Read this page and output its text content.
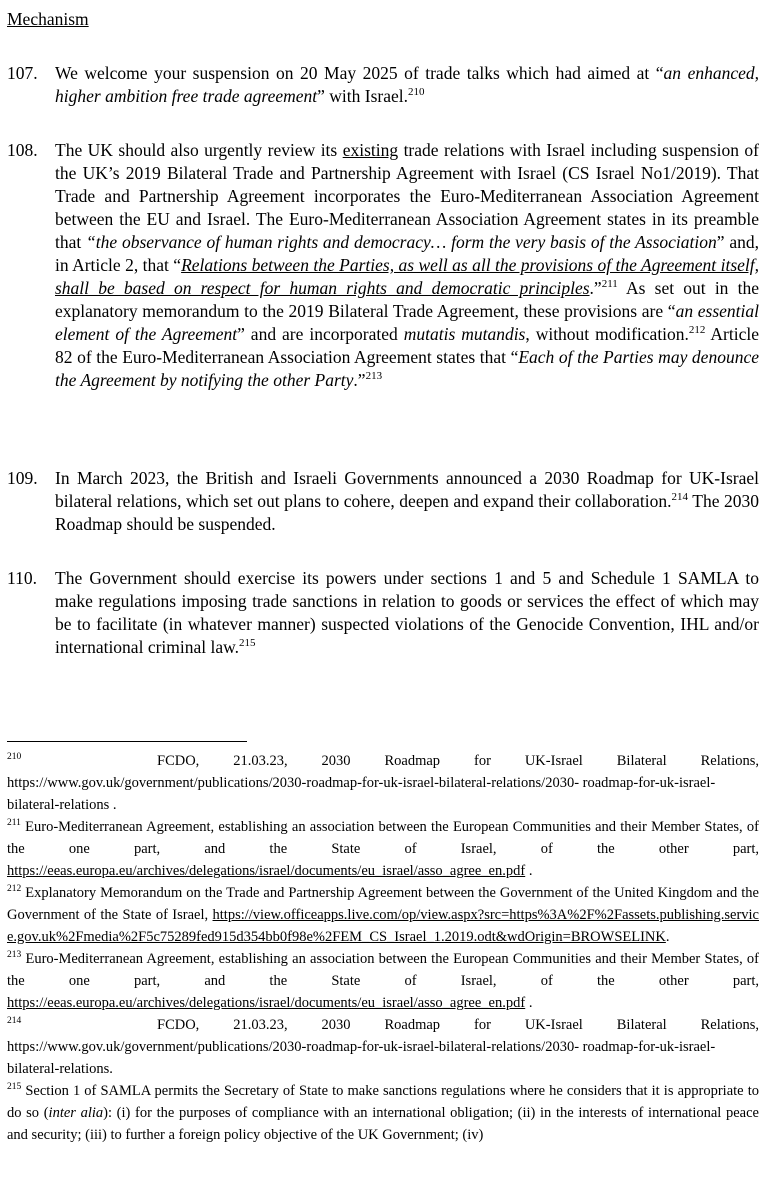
Mechanism
107. We welcome your suspension on 20 May 2025 of trade talks which had aimed at “an enhanced, higher ambition free trade agreement” with Israel.$^{210}$
108. The UK should also urgently review its existing trade relations with Israel including suspension of the UK’s 2019 Bilateral Trade and Partnership Agreement with Israel (CS Israel No1/2019). That Trade and Partnership Agreement incorporates the Euro-Mediterranean Association Agreement between the EU and Israel. The Euro-Mediterranean Association Agreement states in its preamble that “the observance of human rights and democracy… form the very basis of the Association” and, in Article 2, that “Relations between the Parties, as well as all the provisions of the Agreement itself, shall be based on respect for human rights and democratic principles.”$^{211}$ As set out in the explanatory memorandum to the 2019 Bilateral Trade Agreement, these provisions are “an essential element of the Agreement” and are incorporated mutatis mutandis, without modification.$^{212}$ Article 82 of the Euro-Mediterranean Association Agreement states that “Each of the Parties may denounce the Agreement by notifying the other Party.”$^{213}$
109. In March 2023, the British and Israeli Governments announced a 2030 Roadmap for UK-Israel bilateral relations, which set out plans to cohere, deepen and expand their collaboration.$^{214}$ The 2030 Roadmap should be suspended.
110. The Government should exercise its powers under sections 1 and 5 and Schedule 1 SAMLA to make regulations imposing trade sanctions in relation to goods or services the effect of which may be to facilitate (in whatever manner) suspected violations of the Genocide Convention, IHL and/or international criminal law.$^{215}$
$^{210}$	FCDO, 21.03.23, 2030 Roadmap for UK-Israel Bilateral Relations,
https://www.gov.uk/government/publications/2030-roadmap-for-uk-israel-bilateral-relations/2030- roadmap-for-uk-israel-bilateral-relations .
$^{211}$ Euro-Mediterranean Agreement, establishing an association between the European Communities and their Member States, of the one part, and the State of Israel, of the other part, https://eeas.europa.eu/archives/delegations/israel/documents/eu_israel/asso_agree_en.pdf .
$^{212}$ Explanatory Memorandum on the Trade and Partnership Agreement between the Government of the United Kingdom and the Government of the State of Israel, https://view.officeapps.live.com/op/view.aspx?src=https%3A%2F%2Fassets.publishing.service.gov.uk%2Fmedia%2F5c75289fed915d354bb0f98e%2FEM_CS_Israel_1.2019.odt&wdOrigin=BROWSELINK.
$^{213}$ Euro-Mediterranean Agreement, establishing an association between the European Communities and their Member States, of the one part, and the State of Israel, of the other part, https://eeas.europa.eu/archives/delegations/israel/documents/eu_israel/asso_agree_en.pdf .
$^{214}$	FCDO, 21.03.23, 2030 Roadmap for UK-Israel Bilateral Relations,
https://www.gov.uk/government/publications/2030-roadmap-for-uk-israel-bilateral-relations/2030- roadmap-for-uk-israel-bilateral-relations.
$^{215}$ Section 1 of SAMLA permits the Secretary of State to make sanctions regulations where he considers that it is appropriate to do so (inter alia): (i) for the purposes of compliance with an international obligation; (ii) in the interests of international peace and security; (iii) to further a foreign policy objective of the UK Government; (iv)
